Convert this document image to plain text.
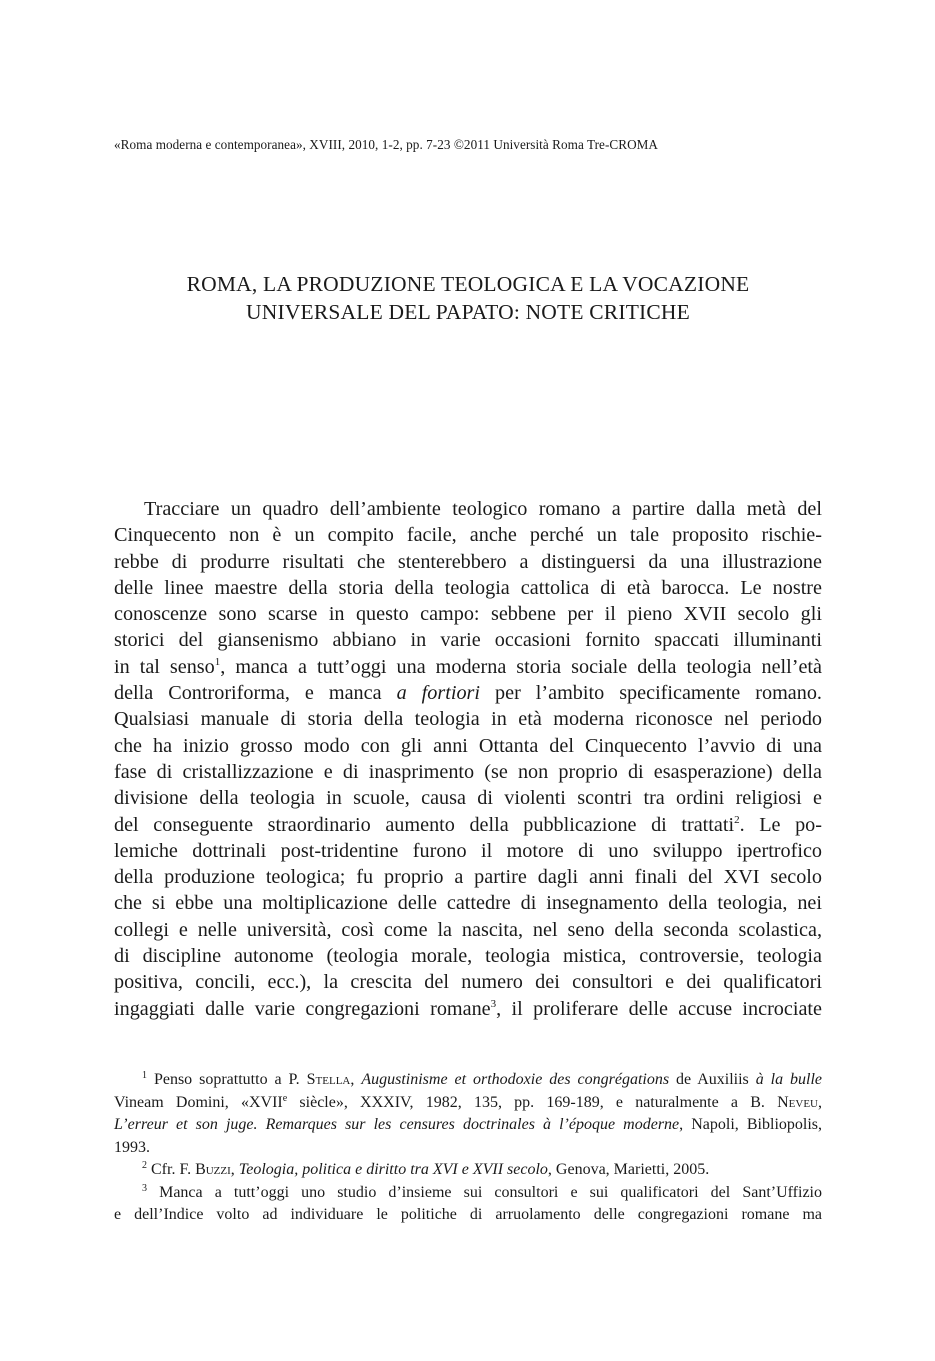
«Roma moderna e contemporanea», XVIII, 2010, 1-2, pp. 7-23 ©2011 Università Roma Tre-CROMA
ROMA, LA PRODUZIONE TEOLOGICA E LA VOCAZIONE
UNIVERSALE DEL PAPATO: NOTE CRITICHE
Tracciare un quadro dell’ambiente teologico romano a partire dalla metà del
Cinquecento non è un compito facile, anche perché un tale proposito rischie-
rebbe di produrre risultati che stenterebbero a distinguersi da una illustrazione
delle linee maestre della storia della teologia cattolica di età barocca. Le nostre
conoscenze sono scarse in questo campo: sebbene per il pieno XVII secolo gli
storici del giansenismo abbiano in varie occasioni fornito spaccati illuminanti
in tal senso$^1$, manca a tutt’oggi una moderna storia sociale della teologia nell’età
della Controriforma, e manca a fortiori per l’ambito specificamente romano.
Qualsiasi manuale di storia della teologia in età moderna riconosce nel periodo
che ha inizio grosso modo con gli anni Ottanta del Cinquecento l’avvio di una
fase di cristallizzazione e di inasprimento (se non proprio di esasperazione) della
divisione della teologia in scuole, causa di violenti scontri tra ordini religiosi e
del conseguente straordinario aumento della pubblicazione di trattati$^2$. Le po-
lemiche dottrinali post-tridentine furono il motore di uno sviluppo ipertrofico
della produzione teologica; fu proprio a partire dagli anni finali del XVI secolo
che si ebbe una moltiplicazione delle cattedre di insegnamento della teologia, nei
collegi e nelle università, così come la nascita, nel seno della seconda scolastica,
di discipline autonome (teologia morale, teologia mistica, controversie, teologia
positiva, concili, ecc.), la crescita del numero dei consultori e dei qualificatori
ingaggiati dalle varie congregazioni romane$^3$, il proliferare delle accuse incrociate
$^1$ Penso soprattutto a P. Stella, Augustinisme et orthodoxie des congrégations de Auxiliis à la bulle
Vineam Domini, «XVIIe siècle», XXXIV, 1982, 135, pp. 169-189, e naturalmente a B. Neveu,
L’erreur et son juge. Remarques sur les censures doctrinales à l’époque moderne, Napoli, Bibliopolis,
1993.
$^2$ Cfr. F. Buzzi, Teologia, politica e diritto tra XVI e XVII secolo, Genova, Marietti, 2005.
$^3$ Manca a tutt’oggi uno studio d’insieme sui consultori e sui qualificatori del Sant’Uffizio
e dell’Indice volto ad individuare le politiche di arruolamento delle congregazioni romane ma
